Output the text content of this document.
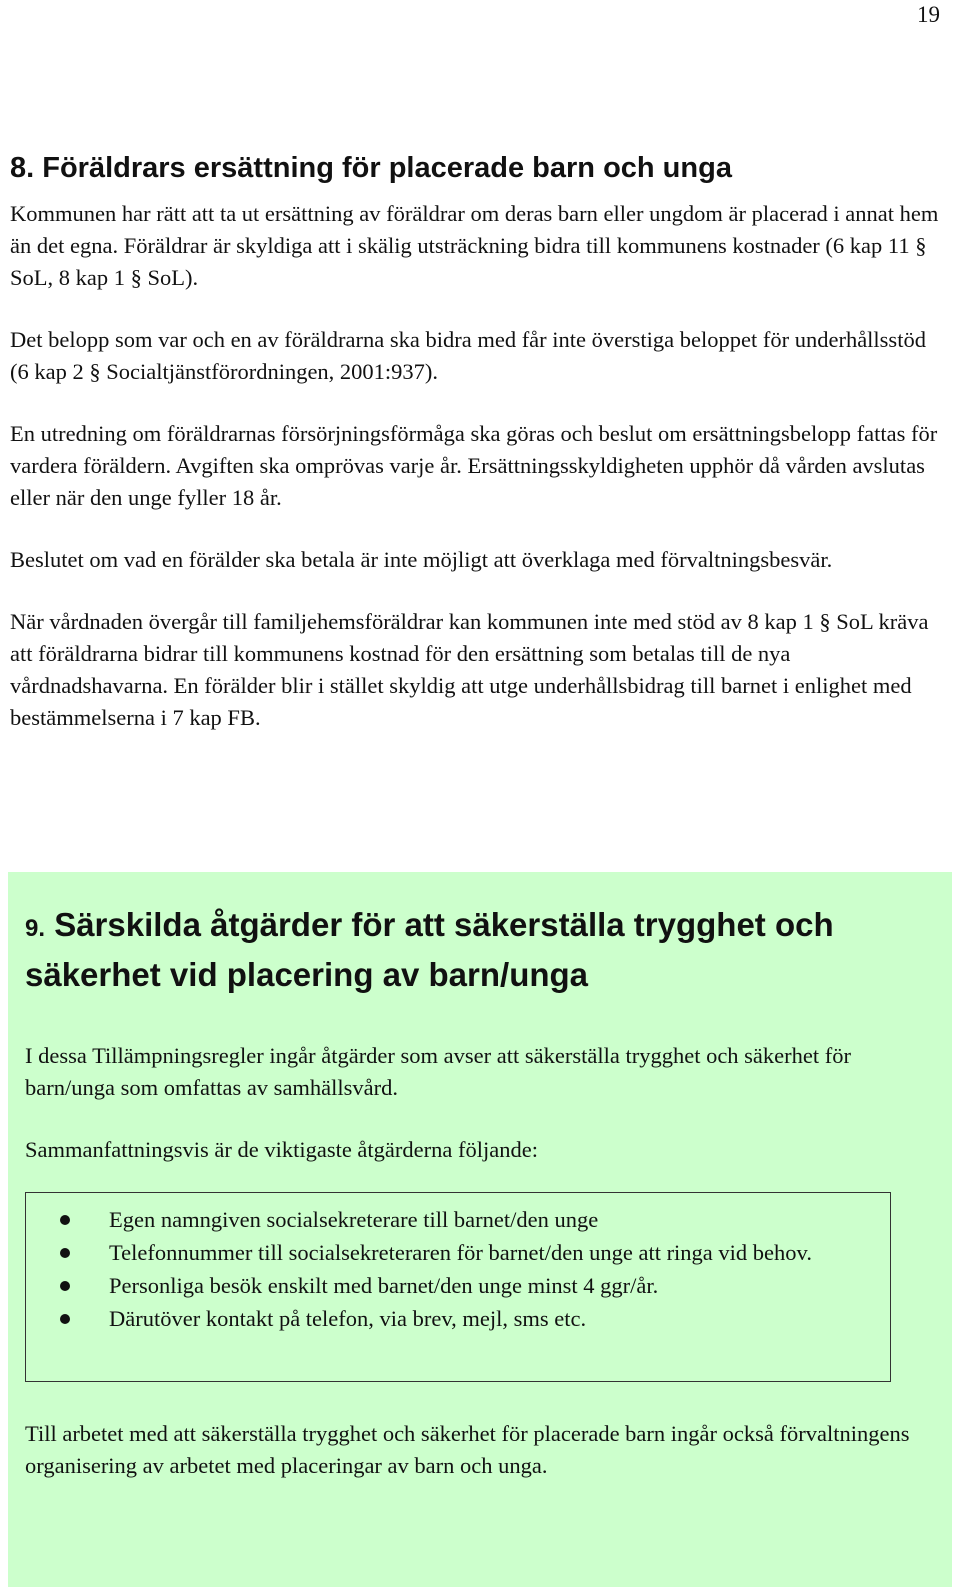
19
8. Föräldrars ersättning för placerade barn och unga

Kommunen har rätt att ta ut ersättning av föräldrar om deras barn eller ungdom är placerad i annat hem än det egna. Föräldrar är skyldiga att i skälig utsträckning bidra till kommunens kostnader (6 kap 11 § SoL, 8 kap 1 § SoL).

Det belopp som var och en av föräldrarna ska bidra med får inte överstiga beloppet för underhållsstöd (6 kap 2 § Socialtjänstförordningen, 2001:937).

En utredning om föräldrarnas försörjningsförmåga ska göras och beslut om ersättningsbelopp fattas för vardera föräldern. Avgiften ska omprövas varje år. Ersättningsskyldigheten upphör då vården avslutas eller när den unge fyller 18 år.

Beslutet om vad en förälder ska betala är inte möjligt att överklaga med förvaltningsbesvär.

När vårdnaden övergår till familjehemsföräldrar kan kommunen inte med stöd av 8 kap 1 § SoL kräva att föräldrarna bidrar till kommunens kostnad för den ersättning som betalas till de nya vårdnadshavarna. En förälder blir i stället skyldig att utge underhållsbidrag till barnet i enlighet med bestämmelserna i 7 kap FB.

9. Särskilda åtgärder för att säkerställa trygghet och säkerhet vid placering av barn/unga

I dessa Tillämpningsregler ingår åtgärder som avser att säkerställa trygghet och säkerhet för barn/unga som omfattas av samhällsvård.

Sammanfattningsvis är de viktigaste åtgärderna följande:

Egen namngiven socialsekreterare till barnet/den unge
Telefonnummer till socialsekreteraren för barnet/den unge att ringa vid behov.
Personliga besök enskilt med barnet/den unge minst 4 ggr/år.
Därutöver kontakt på telefon, via brev, mejl, sms etc.

Till arbetet med att säkerställa trygghet och säkerhet för placerade barn ingår också förvaltningens organisering av arbetet med placeringar av barn och unga.
